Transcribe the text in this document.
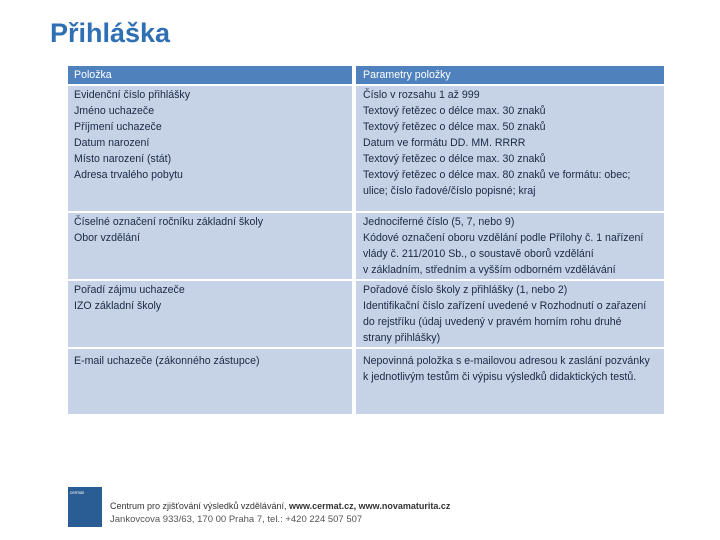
Přihláška
Položka	Parametry položky
Evidenční číslo přihlášky
Jméno uchazeče
Příjmení uchazeče
Datum narození
Místo narození (stát)
Adresa trvalého pobytu
Číslo v rozsahu 1 až 999
Textový řetězec o délce max. 30 znaků
Textový řetězec o délce max. 50 znaků
Datum ve formátu DD. MM. RRRR
Textový řetězec o délce max. 30 znaků
Textový řetězec o délce max. 80 znaků ve formátu: obec;
ulice; číslo řadové/číslo popisné; kraj
Číselné označení ročníku základní školy
Obor vzdělání
Jednociferné číslo (5, 7, nebo 9)
Kódové označení oboru vzdělání podle Přílohy č. 1 nařízení
vlády č. 211/2010 Sb., o soustavě oborů vzdělání
v základním, středním a vyšším odborném vzdělávání
Pořadí zájmu uchazeče
IZO základní školy
Pořadové číslo školy z přihlášky (1, nebo 2)
Identifikační číslo zařízení uvedené v Rozhodnutí o zařazení
do rejstříku (údaj uvedený v pravém horním rohu druhé
strany přihlášky)
E-mail uchazeče (zákonného zástupce)	Nepovinná položka s e-mailovou adresou k zaslání pozvánky
k jednotlivým testům či výpisu výsledků didaktických testů.
cermat
Centrum pro zjišťování výsledků vzdělávání, www.cermat.cz, www.novamaturita.cz
Jankovcova 933/63, 170 00 Praha 7, tel.: +420 224 507 507
